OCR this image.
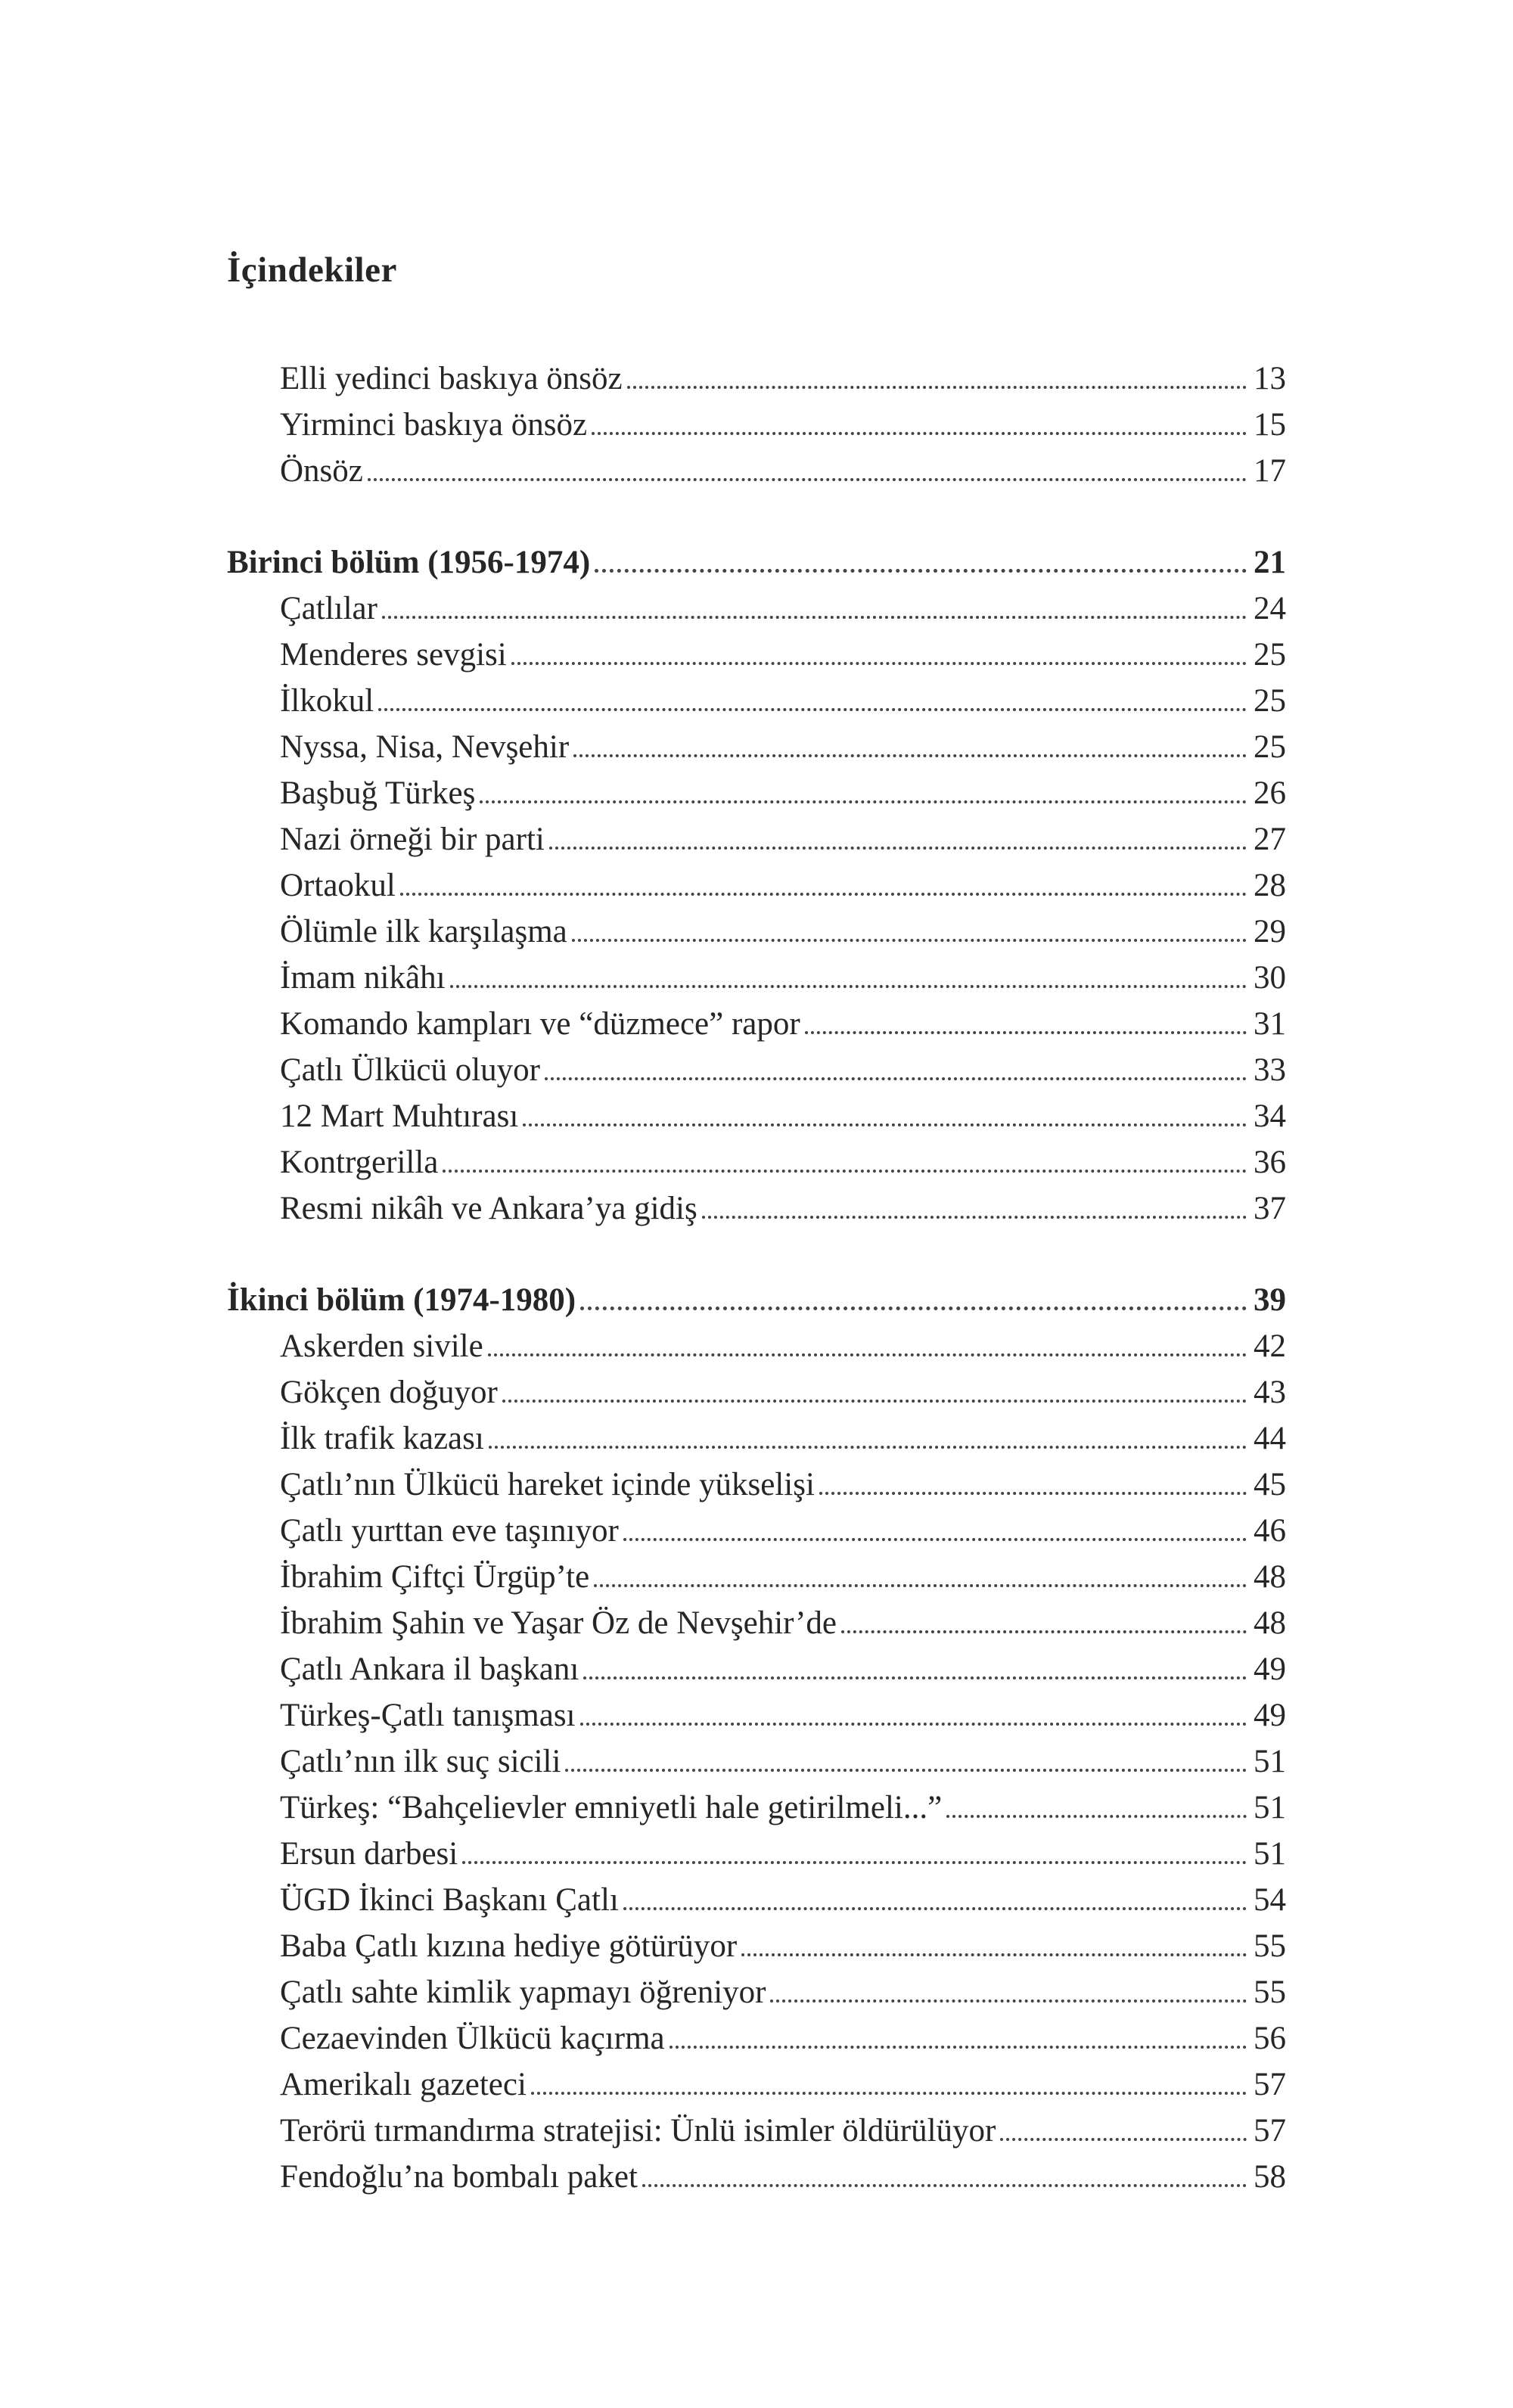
İçindekiler
Elli yedinci baskıya önsöz	13
Yirminci baskıya önsöz	15
Önsöz	17
Birinci bölüm (1956-1974)	21
Çatlılar	24
Menderes sevgisi	25
İlkokul	25
Nyssa, Nisa, Nevşehir	25
Başbuğ Türkeş	26
Nazi örneği bir parti	27
Ortaokul	28
Ölümle ilk karşılaşma	29
İmam nikâhı	30
Komando kampları ve “düzmece” rapor	31
Çatlı Ülkücü oluyor	33
12 Mart Muhtırası	34
Kontrgerilla	36
Resmi nikâh ve Ankara’ya gidiş	37
İkinci bölüm (1974-1980)	39
Askerden sivile	42
Gökçen doğuyor	43
İlk trafik kazası	44
Çatlı’nın Ülkücü hareket içinde yükselişi	45
Çatlı yurttan eve taşınıyor	46
İbrahim Çiftçi Ürgüp’te	48
İbrahim Şahin ve Yaşar Öz de Nevşehir’de	48
Çatlı Ankara il başkanı	49
Türkeş-Çatlı tanışması	49
Çatlı’nın ilk suç sicili	51
Türkeş: “Bahçelievler emniyetli hale getirilmeli...”	51
Ersun darbesi	51
ÜGD İkinci Başkanı Çatlı	54
Baba Çatlı kızına hediye götürüyor	55
Çatlı sahte kimlik yapmayı öğreniyor	55
Cezaevinden Ülkücü kaçırma	56
Amerikalı gazeteci	57
Terörü tırmandırma stratejisi: Ünlü isimler öldürülüyor	57
Fendoğlu’na bombalı paket	58
